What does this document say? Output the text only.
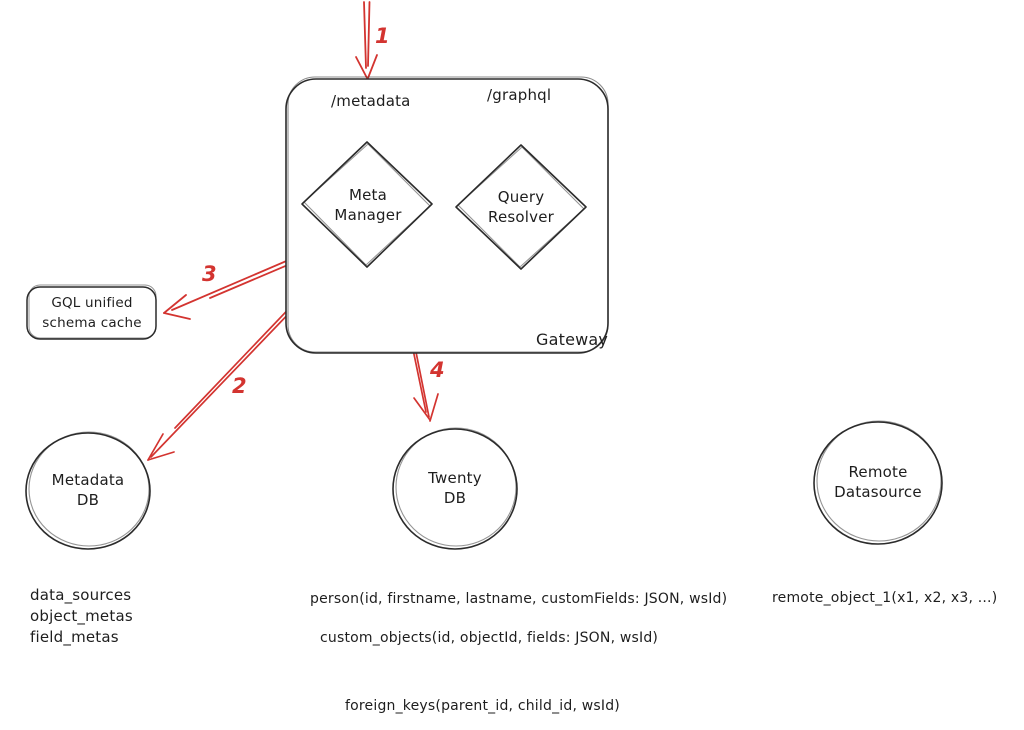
/metadata	/graphql
Gateway
Meta
Manager
Query
Resolver
GQL unified
schema cache
Metadata
DB
Twenty
DB
Remote
Datasource
1
2
3
4
data_sources
object_metas
field_metas
person(id, firstname, lastname, customFields: JSON, wsId)
custom_objects(id, objectId, fields: JSON, wsId)
foreign_keys(parent_id, child_id, wsId)
remote_object_1(x1, x2, x3, ...)
